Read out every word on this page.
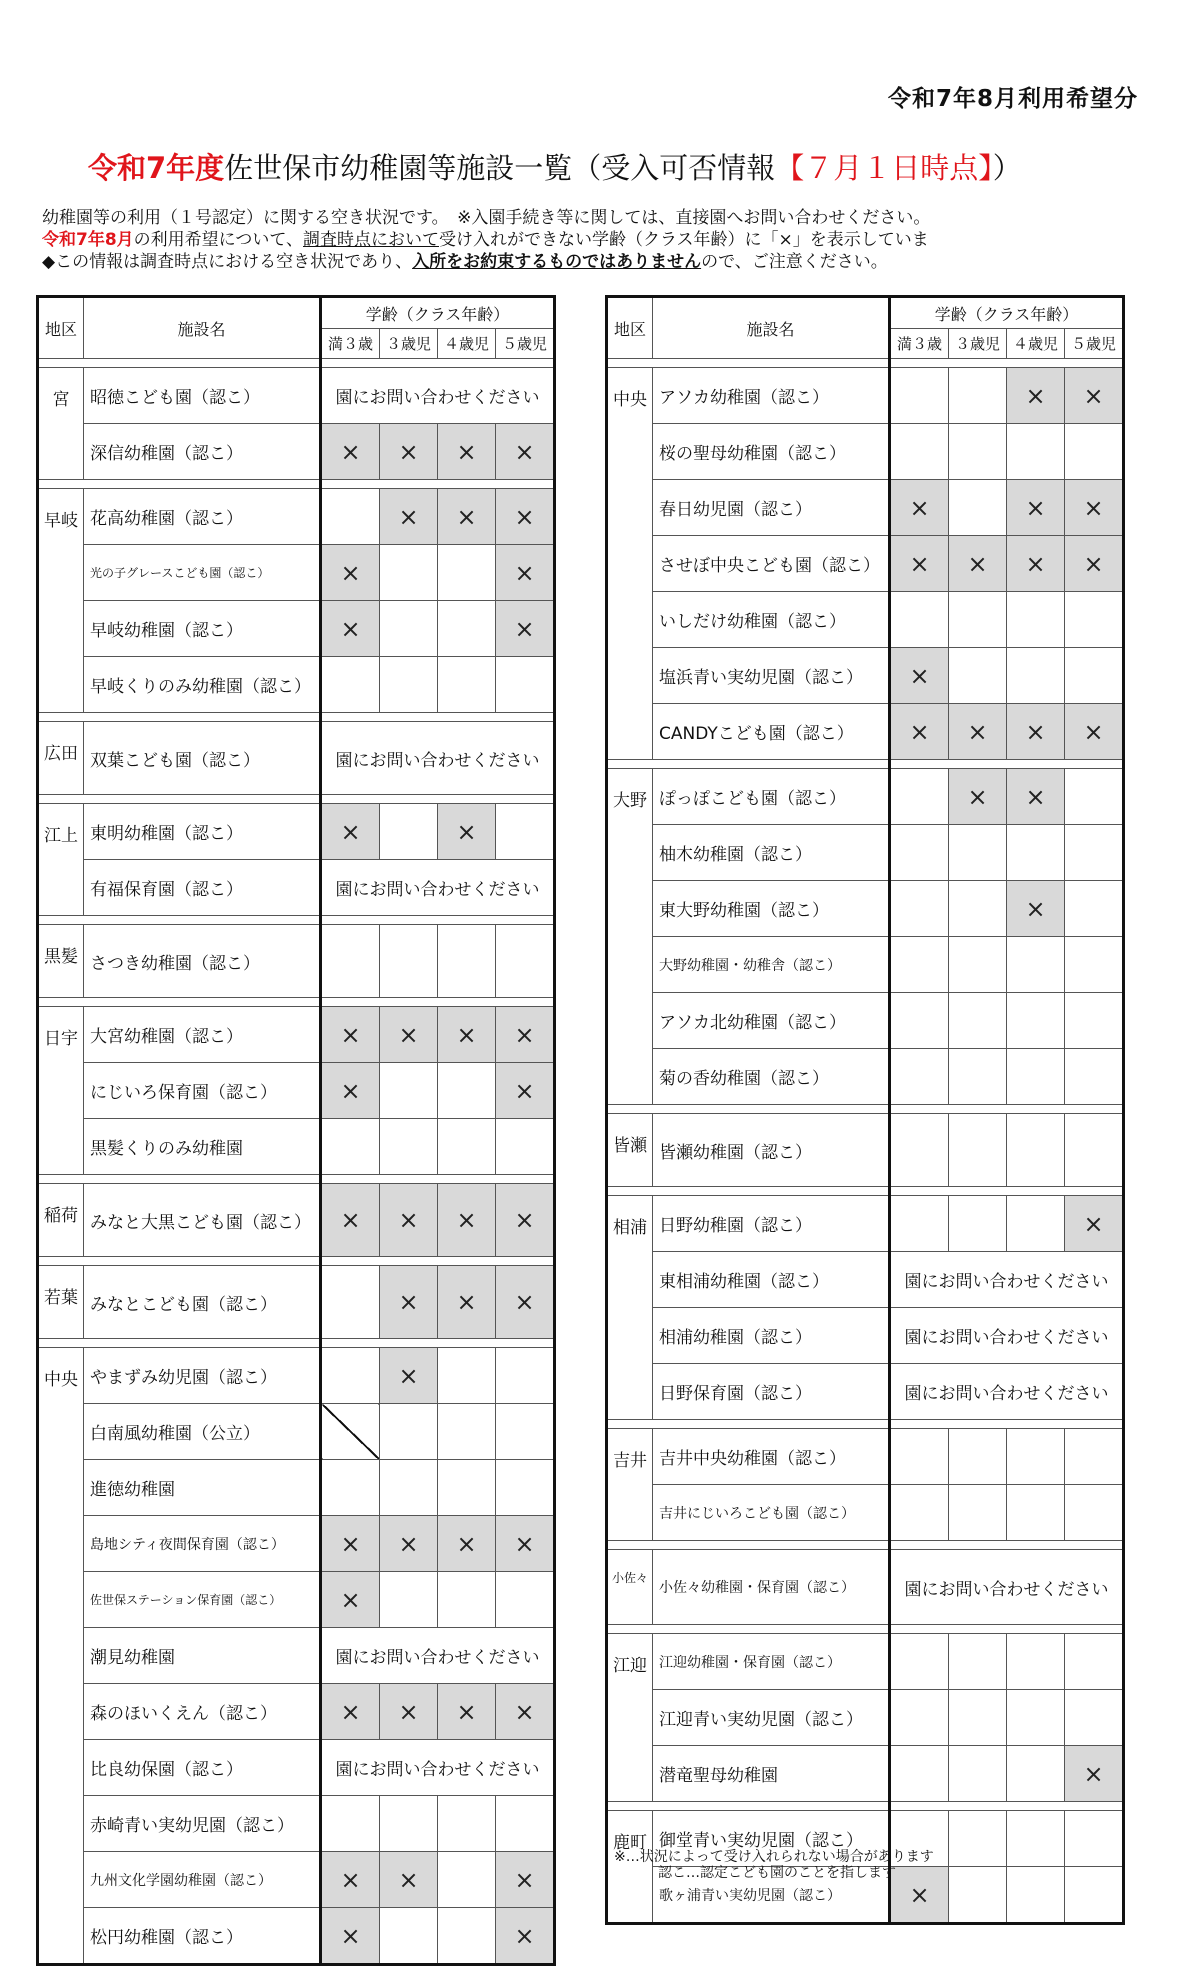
令和7年8月利用希望分
令和7年度佐世保市幼稚園等施設一覧（受入可否情報【７月１日時点】）
幼稚園等の利用（１号認定）に関する空き状況です。　※入園手続き等に関しては、直接園へお問い合わせください。
令和7年8月の利用希望について、調査時点において受け入れができない学齢（クラス年齢）に「×」を表示していま
◆この情報は調査時点における空き状況であり、入所をお約束するものではありませんので、ご注意ください。
地区	施設名	学齢（クラス年齢）			
		満３歳	３歳児	４歳児	５歳児

宮	昭徳こども園（認こ）	園にお問い合わせください			
	深信幼稚園（認こ）	×	×	×	×

早岐	花高幼稚園（認こ）		×	×	×
	光の子グレースこども園（認こ）	×			×
	早岐幼稚園（認こ）	×			×
	早岐くりのみ幼稚園（認こ）				

広田	双葉こども園（認こ）	園にお問い合わせください			

江上	東明幼稚園（認こ）	×		×	
	有福保育園（認こ）	園にお問い合わせください			

黒髪	さつき幼稚園（認こ）				

日宇	大宮幼稚園（認こ）	×	×	×	×
	にじいろ保育園（認こ）	×			×
	黒髪くりのみ幼稚園				

稲荷	みなと大黒こども園（認こ）	×	×	×	×

若葉	みなとこども園（認こ）		×	×	×

中央	やまずみ幼児園（認こ）		×		
	白南風幼稚園（公立）				
	進徳幼稚園				
	島地シティ夜間保育園（認こ）	×	×	×	×
	佐世保ステーション保育園（認こ）	×			
	潮見幼稚園	園にお問い合わせください			
	森のほいくえん（認こ）	×	×	×	×
	比良幼保園（認こ）	園にお問い合わせください			
	赤崎青い実幼児園（認こ）				
	九州文化学園幼稚園（認こ）	×	×		×
	松円幼稚園（認こ）	×			×
地区	施設名	学齢（クラス年齢）			
		満３歳	３歳児	４歳児	５歳児

中央	アソカ幼稚園（認こ）			×	×
	桜の聖母幼稚園（認こ）				
	春日幼児園（認こ）	×		×	×
	させぼ中央こども園（認こ）	×	×	×	×
	いしだけ幼稚園（認こ）				
	塩浜青い実幼児園（認こ）	×			
	CANDYこども園（認こ）	×	×	×	×

大野	ぽっぽこども園（認こ）		×	×	
	柚木幼稚園（認こ）				
	東大野幼稚園（認こ）			×	
	大野幼稚園・幼稚舎（認こ）				
	アソカ北幼稚園（認こ）				
	菊の香幼稚園（認こ）				

皆瀬	皆瀬幼稚園（認こ）				

相浦	日野幼稚園（認こ）				×
	東相浦幼稚園（認こ）	園にお問い合わせください			
	相浦幼稚園（認こ）	園にお問い合わせください			
	日野保育園（認こ）	園にお問い合わせください			

吉井	吉井中央幼稚園（認こ）				
	吉井にじいろこども園（認こ）				

小佐々	小佐々幼稚園・保育園（認こ）	園にお問い合わせください			

江迎	江迎幼稚園・保育園（認こ）				
	江迎青い実幼児園（認こ）				
	潜竜聖母幼稚園				×

鹿町	御堂青い実幼児園（認こ）				
	歌ヶ浦青い実幼児園（認こ）	×			
※…状況によって受け入れられない場合があります
認こ…認定こども園のことを指します
